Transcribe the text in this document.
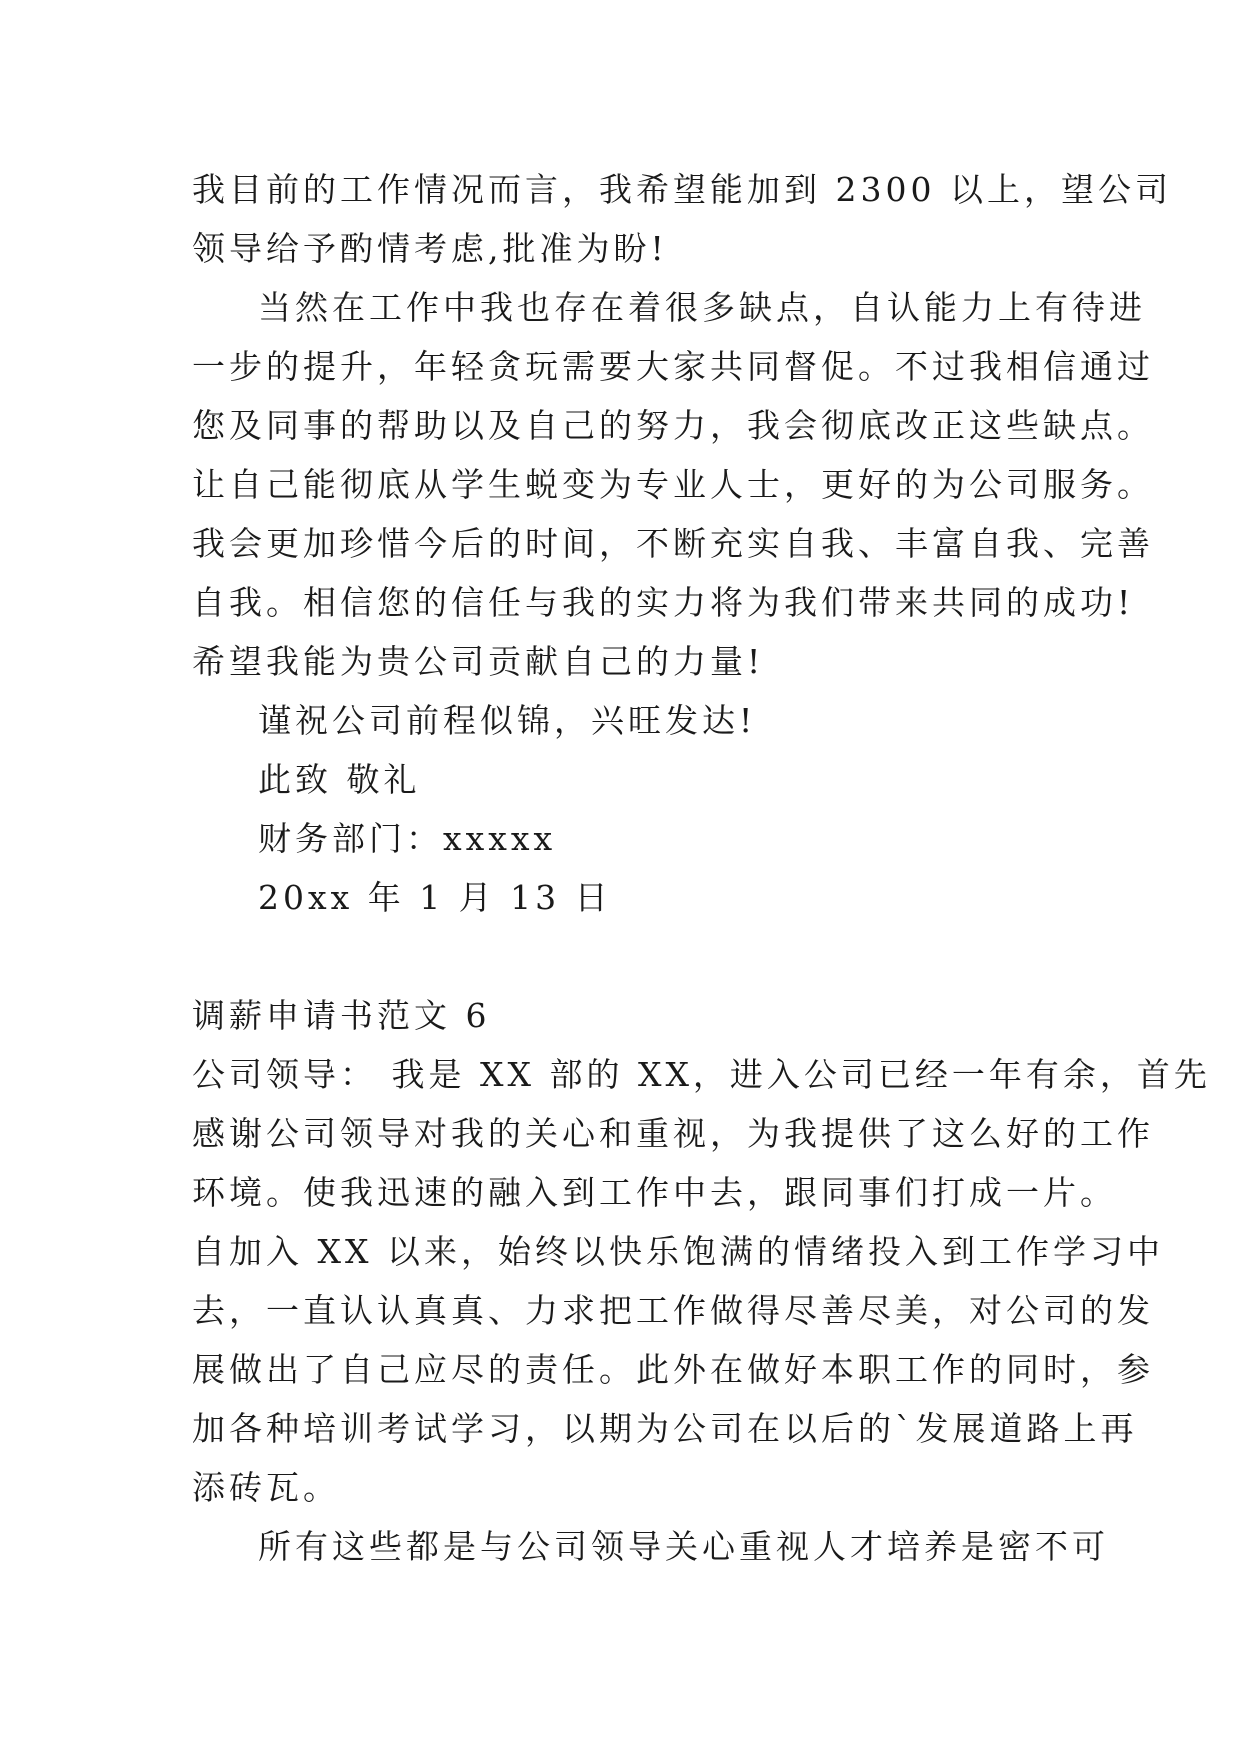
我目前的工作情况而言，我希望能加到 2300 以上，望公司
领导给予酌情考虑,批准为盼!
当然在工作中我也存在着很多缺点，自认能力上有待进
一步的提升，年轻贪玩需要大家共同督促。不过我相信通过
您及同事的帮助以及自己的努力，我会彻底改正这些缺点。
让自己能彻底从学生蜕变为专业人士，更好的为公司服务。
我会更加珍惜今后的时间，不断充实自我、丰富自我、完善
自我。相信您的信任与我的实力将为我们带来共同的成功!
希望我能为贵公司贡献自己的力量!
谨祝公司前程似锦，兴旺发达!
此致 敬礼
财务部门：xxxxx
20xx 年 1 月 13 日
调薪申请书范文 6
公司领导： 我是 XX 部的 XX，进入公司已经一年有余，首先
感谢公司领导对我的关心和重视，为我提供了这么好的工作
环境。使我迅速的融入到工作中去，跟同事们打成一片。
自加入 XX 以来，始终以快乐饱满的情绪投入到工作学习中
去，一直认认真真、力求把工作做得尽善尽美，对公司的发
展做出了自己应尽的责任。此外在做好本职工作的同时，参
加各种培训考试学习，以期为公司在以后的`发展道路上再
添砖瓦。
所有这些都是与公司领导关心重视人才培养是密不可
